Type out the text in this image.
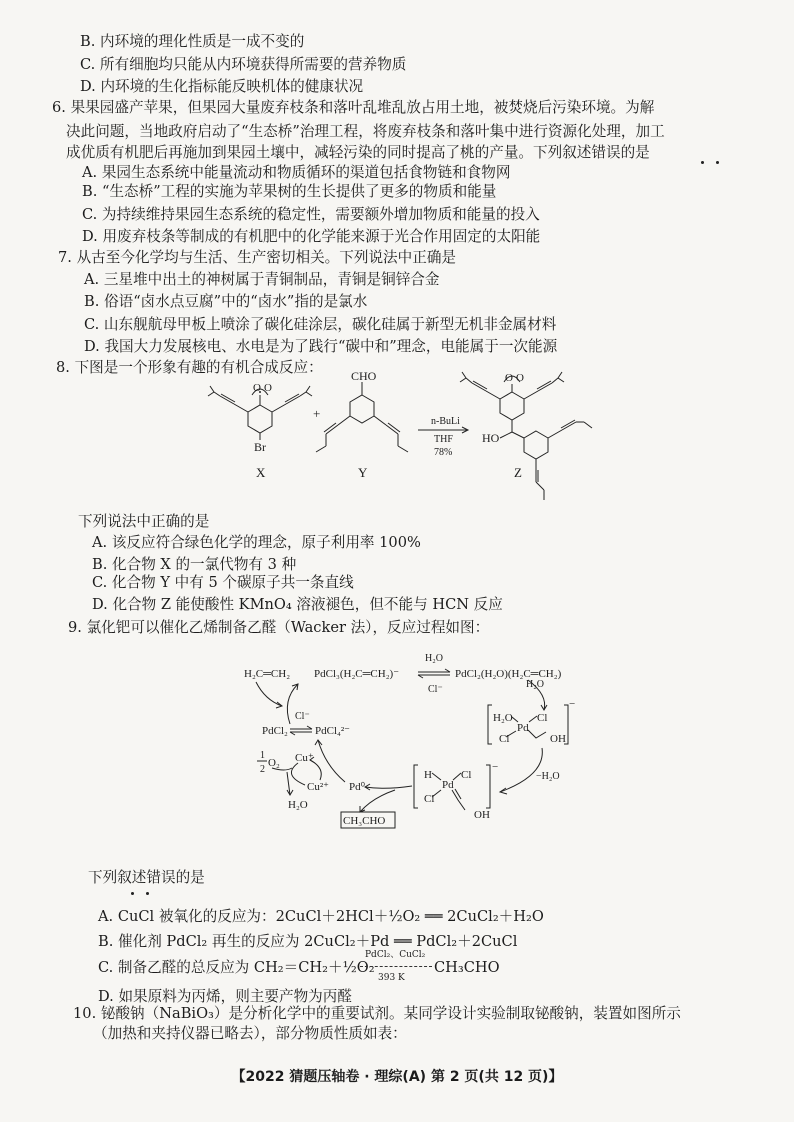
B. 内环境的理化性质是一成不变的
C. 所有细胞均只能从内环境获得所需要的营养物质
D. 内环境的生化指标能反映机体的健康状况
6. 果果园盛产苹果，但果园大量废弃枝条和落叶乱堆乱放占用土地，被焚烧后污染环境。为解
决此问题，当地政府启动了“生态桥”治理工程，将废弃枝条和落叶集中进行资源化处理，加工
成优质有机肥后再施加到果园土壤中，减轻污染的同时提高了桃的产量。下列叙述错误的是
A. 果园生态系统中能量流动和物质循环的渠道包括食物链和食物网
B. “生态桥”工程的实施为苹果树的生长提供了更多的物质和能量
C. 为持续维持果园生态系统的稳定性，需要额外增加物质和能量的投入
D. 用废弃枝条等制成的有机肥中的化学能来源于光合作用固定的太阳能
7. 从古至今化学均与生活、生产密切相关。下列说法中正确是
A. 三星堆中出土的神树属于青铜制品，青铜是铜锌合金
B. 俗语“卤水点豆腐”中的“卤水”指的是氯水
C. 山东舰航母甲板上喷涂了碳化硅涂层，碳化硅属于新型无机非金属材料
D. 我国大力发展核电、水电是为了践行“碳中和”理念，电能属于一次能源
8. 下图是一个形象有趣的有机合成反应：
O O
Br
X
+
CHO
Y
n-BuLi
THF
78%
O O
HO
Z
下列说法中正确的是
A. 该反应符合绿色化学的理念，原子利用率 100%
B. 化合物 X 的一氯代物有 3 种
C. 化合物 Y 中有 5 个碳原子共一条直线
D. 化合物 Z 能使酸性 KMnO₄ 溶液褪色，但不能与 HCN 反应
9. 氯化钯可以催化乙烯制备乙醛（Wacker 法），反应过程如图：
H₂C═CH₂ PdCl₃(H₂C═CH₂)⁻
H₂O
Cl⁻
PdCl₂(H₂O)(H₂C═CH₂)
H₂O
H₂O
Pd
Cl
Cl	OH
−
−H₂O
H
Pd
Cl
Cl
OH
−
Pd⁰
CH₃CHO
PdCl₂ PdCl₄²⁻
Cl⁻
Cu⁺
Cu²⁺
1
2
O₂
H₂O
下列叙述错误的是
A. CuCl 被氧化的反应为：2CuCl＋2HCl＋½O₂ ══ 2CuCl₂＋H₂O
B. 催化剂 PdCl₂ 再生的反应为 2CuCl₂＋Pd ══ PdCl₂＋2CuCl
C. 制备乙醛的总反应为 CH₂＝CH₂＋½O₂
PdCl₂、CuCl₂
393 K
CH₃CHO
D. 如果原料为丙烯，则主要产物为丙醛
10. 铋酸钠（NaBiO₃）是分析化学中的重要试剂。某同学设计实验制取铋酸钠，装置如图所示
（加热和夹持仪器已略去），部分物质性质如表：
【2022 猜题压轴卷 · 理综(A) 第 2 页(共 12 页)】
